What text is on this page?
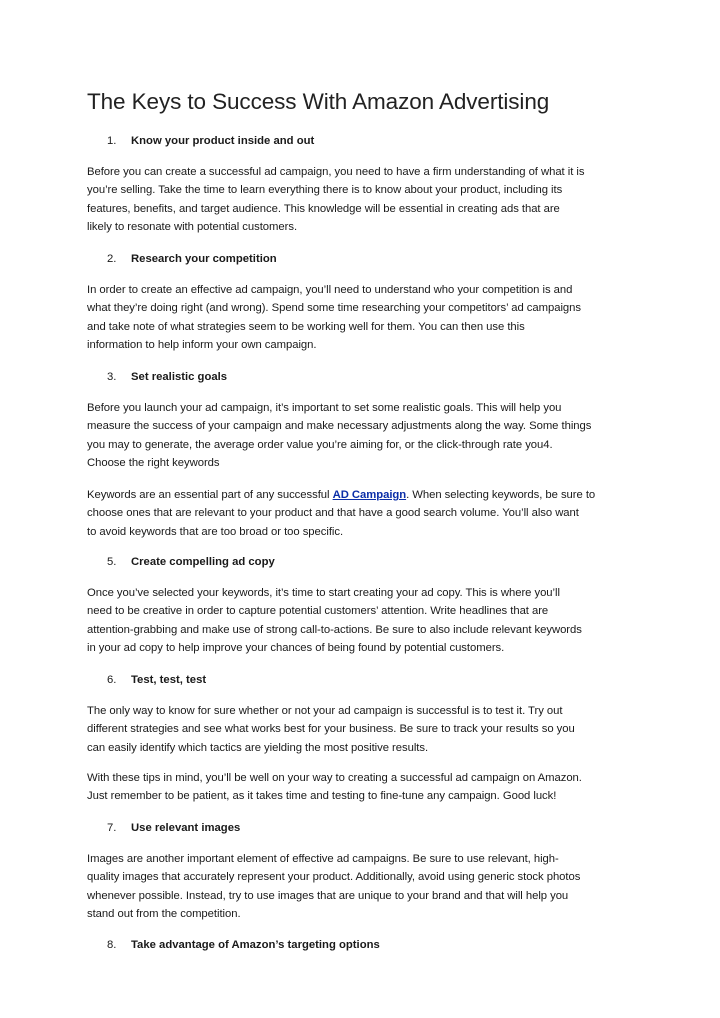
The Keys to Success With Amazon Advertising
1. Know your product inside and out
Before you can create a successful ad campaign, you need to have a firm understanding of what it is
you’re selling. Take the time to learn everything there is to know about your product, including its
features, benefits, and target audience. This knowledge will be essential in creating ads that are
likely to resonate with potential customers.
2. Research your competition
In order to create an effective ad campaign, you’ll need to understand who your competition is and
what they’re doing right (and wrong). Spend some time researching your competitors’ ad campaigns
and take note of what strategies seem to be working well for them. You can then use this
information to help inform your own campaign.
3. Set realistic goals
Before you launch your ad campaign, it’s important to set some realistic goals. This will help you
measure the success of your campaign and make necessary adjustments along the way. Some things
you may to generate, the average order value you’re aiming for, or the click-through rate you4.
Choose the right keywords
Keywords are an essential part of any successful AD Campaign. When selecting keywords, be sure to
choose ones that are relevant to your product and that have a good search volume. You’ll also want
to avoid keywords that are too broad or too specific.
5. Create compelling ad copy
Once you’ve selected your keywords, it’s time to start creating your ad copy. This is where you’ll
need to be creative in order to capture potential customers’ attention. Write headlines that are
attention-grabbing and make use of strong call-to-actions. Be sure to also include relevant keywords
in your ad copy to help improve your chances of being found by potential customers.
6. Test, test, test
The only way to know for sure whether or not your ad campaign is successful is to test it. Try out
different strategies and see what works best for your business. Be sure to track your results so you
can easily identify which tactics are yielding the most positive results.
With these tips in mind, you’ll be well on your way to creating a successful ad campaign on Amazon.
Just remember to be patient, as it takes time and testing to fine-tune any campaign. Good luck!
7. Use relevant images
Images are another important element of effective ad campaigns. Be sure to use relevant, high-
quality images that accurately represent your product. Additionally, avoid using generic stock photos
whenever possible. Instead, try to use images that are unique to your brand and that will help you
stand out from the competition.
8. Take advantage of Amazon’s targeting options
